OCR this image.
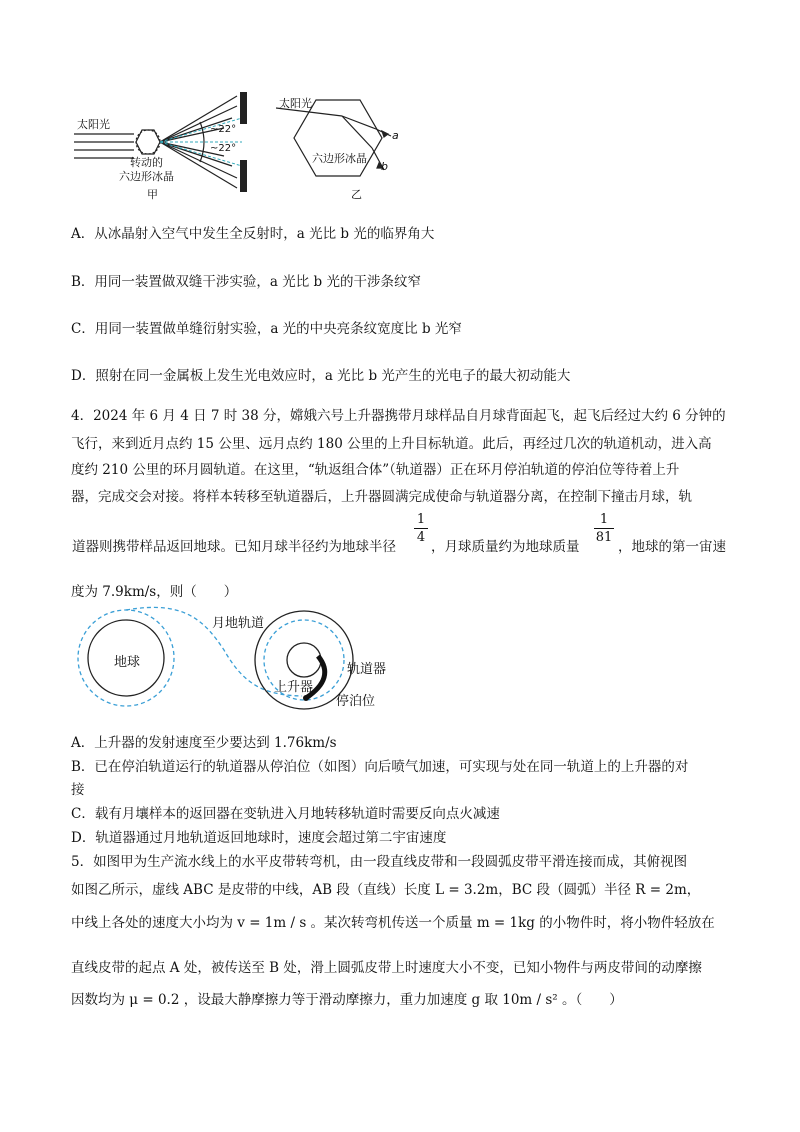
太阳光
转动的
六边形冰晶
~22°
~22°
甲
太阳光
六边形冰晶
a
b
乙
A．从冰晶射入空气中发生全反射时，a 光比 b 光的临界角大
B．用同一装置做双缝干涉实验，a 光比 b 光的干涉条纹窄
C．用同一装置做单缝衍射实验，a 光的中央亮条纹宽度比 b 光窄
D．照射在同一金属板上发生光电效应时，a 光比 b 光产生的光电子的最大初动能大
4．2024 年 6 月 4 日 7 时 38 分，嫦娥六号上升器携带月球样品自月球背面起飞，起飞后经过大约 6 分钟的
飞行，来到近月点约 15 公里、远月点约 180 公里的上升目标轨道。此后，再经过几次的轨道机动，进入高
度约 210 公里的环月圆轨道。在这里，“轨返组合体”（轨道器）正在环月停泊轨道的停泊位等待着上升
器，完成交会对接。将样本转移至轨道器后，上升器圆满完成使命与轨道器分离，在控制下撞击月球，轨
道器则携带样品返回地球。已知月球半径约为地球半径
1
4
，月球质量约为地球质量
1
81
，地球的第一宙速
度为 7.9km/s，则（　　）
地球
月地轨道
轨道器
上升器
停泊位
A．上升器的发射速度至少要达到 1.76km/s
B．已在停泊轨道运行的轨道器从停泊位（如图）向后喷气加速，可实现与处在同一轨道上的上升器的对
接
C．载有月壤样本的返回器在变轨进入月地转移轨道时需要反向点火减速
D．轨道器通过月地轨道返回地球时，速度会超过第二宇宙速度
5．如图甲为生产流水线上的水平皮带转弯机，由一段直线皮带和一段圆弧皮带平滑连接而成，其俯视图
如图乙所示，虚线 ABC 是皮带的中线，AB 段（直线）长度 L = 3.2m，BC 段（圆弧）半径 R = 2m，
中线上各处的速度大小均为 v = 1m / s 。某次转弯机传送一个质量 m = 1kg 的小物件时，将小物件轻放在
直线皮带的起点 A 处，被传送至 B 处，滑上圆弧皮带上时速度大小不变，已知小物件与两皮带间的动摩擦
因数均为 μ = 0.2 ，设最大静摩擦力等于滑动摩擦力，重力加速度 g 取 10m / s² 。（　　）
